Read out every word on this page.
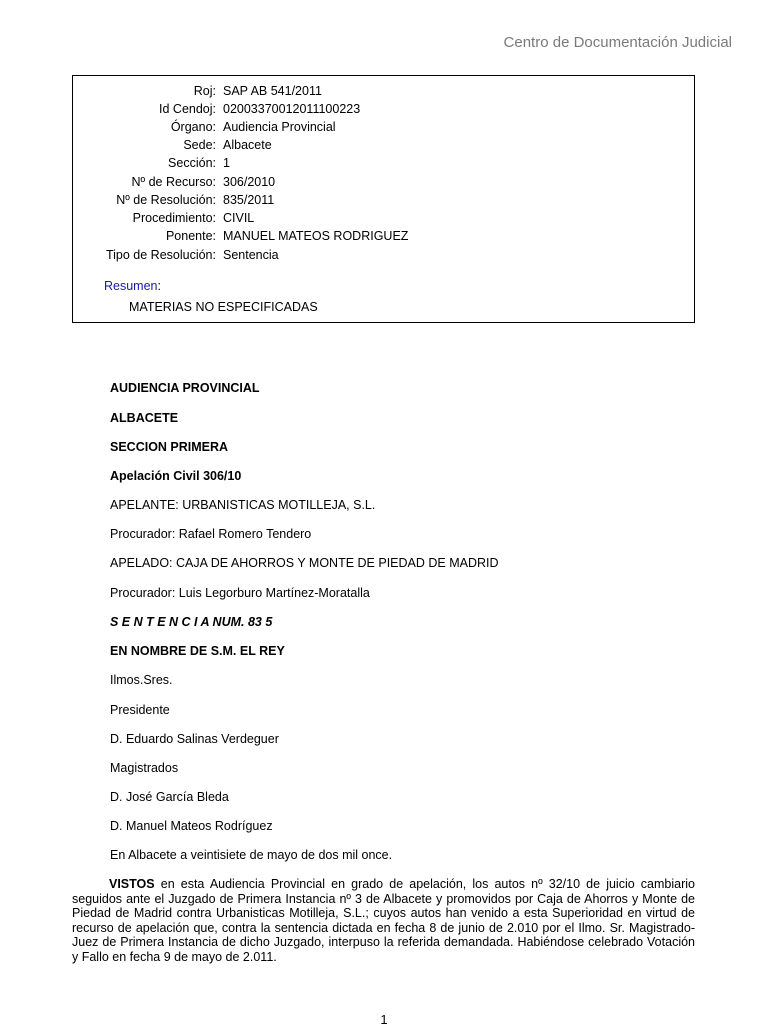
Centro de Documentación Judicial
Roj: SAP AB 541/2011
Id Cendoj: 02003370012011100223
Órgano: Audiencia Provincial
Sede: Albacete
Sección: 1
Nº de Recurso: 306/2010
Nº de Resolución: 835/2011
Procedimiento: CIVIL
Ponente: MANUEL MATEOS RODRIGUEZ
Tipo de Resolución: Sentencia
Resumen:
MATERIAS NO ESPECIFICADAS
AUDIENCIA PROVINCIAL
ALBACETE
SECCION PRIMERA
Apelación Civil 306/10
APELANTE: URBANISTICAS MOTILLEJA, S.L.
Procurador: Rafael Romero Tendero
APELADO: CAJA DE AHORROS Y MONTE DE PIEDAD DE MADRID
Procurador: Luis Legorburo Martínez-Moratalla
S E N T E N C I A NUM. 83 5
EN NOMBRE DE S.M. EL REY
Ilmos.Sres.
Presidente
D. Eduardo Salinas Verdeguer
Magistrados
D. José García Bleda
D. Manuel Mateos Rodríguez
En Albacete a veintisiete de mayo de dos mil once.
VISTOS en esta Audiencia Provincial en grado de apelación, los autos nº 32/10 de juicio cambiario seguidos ante el Juzgado de Primera Instancia nº 3 de Albacete y promovidos por Caja de Ahorros y Monte de Piedad de Madrid contra Urbanisticas Motilleja, S.L.; cuyos autos han venido a esta Superioridad en virtud de recurso de apelación que, contra la sentencia dictada en fecha 8 de junio de 2.010 por el Ilmo. Sr. Magistrado-Juez de Primera Instancia de dicho Juzgado, interpuso la referida demandada. Habiéndose celebrado Votación y Fallo en fecha 9 de mayo de 2.011.
1
